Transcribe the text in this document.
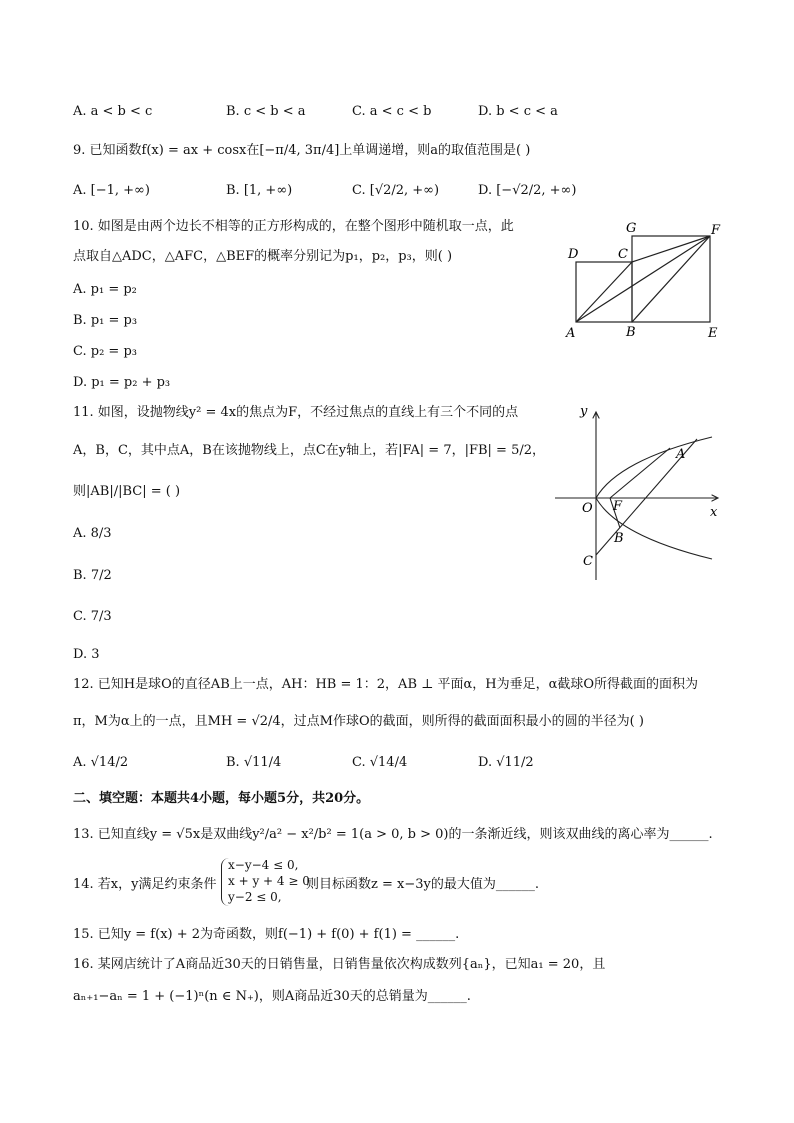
A. a < b < c	B. c < b < a	C. a < c < b	D. b < c < a
9. 已知函数f(x) = ax + cosx在[−π/4, 3π/4]上单调递增，则a的取值范围是( )
A. [−1, +∞)	B. [1, +∞)	C. [√2/2, +∞)	D. [−√2/2, +∞)
10. 如图是由两个边长不相等的正方形构成的，在整个图形中随机取一点，此
点取自△ADC，△AFC，△BEF的概率分别记为p₁，p₂，p₃，则( )
A. p₁ = p₂
B. p₁ = p₃
C. p₂ = p₃
D. p₁ = p₂ + p₃
A	B
C
D
E
F
G
11. 如图，设抛物线y² = 4x的焦点为F，不经过焦点的直线上有三个不同的点
A，B，C，其中点A，B在该抛物线上，点C在y轴上，若|FA| = 7，|FB| = 5/2，
则|AB|/|BC| = ( )
A. 8/3
B. 7/2
C. 7/3
D. 3
y
x
O F
A
B
C
12. 已知H是球O的直径AB上一点，AH：HB = 1：2，AB ⊥ 平面α，H为垂足，α截球O所得截面的面积为
π，M为α上的一点，且MH = √2/4，过点M作球O的截面，则所得的截面面积最小的圆的半径为( )
A. √14/2	B. √11/4	C. √14/4	D. √11/2
二、填空题：本题共4小题，每小题5分，共20分。
13. 已知直线y = √5x是双曲线y²/a² − x²/b² = 1(a > 0, b > 0)的一条渐近线，则该双曲线的离心率为______.
14. 若x，y满足约束条件
x−y−4 ≤ 0,
x + y + 4 ≥ 0
y−2 ≤ 0,
则目标函数z = x−3y的最大值为______.
15. 已知y = f(x) + 2为奇函数，则f(−1) + f(0) + f(1) = ______.
16. 某网店统计了A商品近30天的日销售量，日销售量依次构成数列{aₙ}，已知a₁ = 20，且
aₙ₊₁−aₙ = 1 + (−1)ⁿ(n ∈ N₊)，则A商品近30天的总销量为______.
